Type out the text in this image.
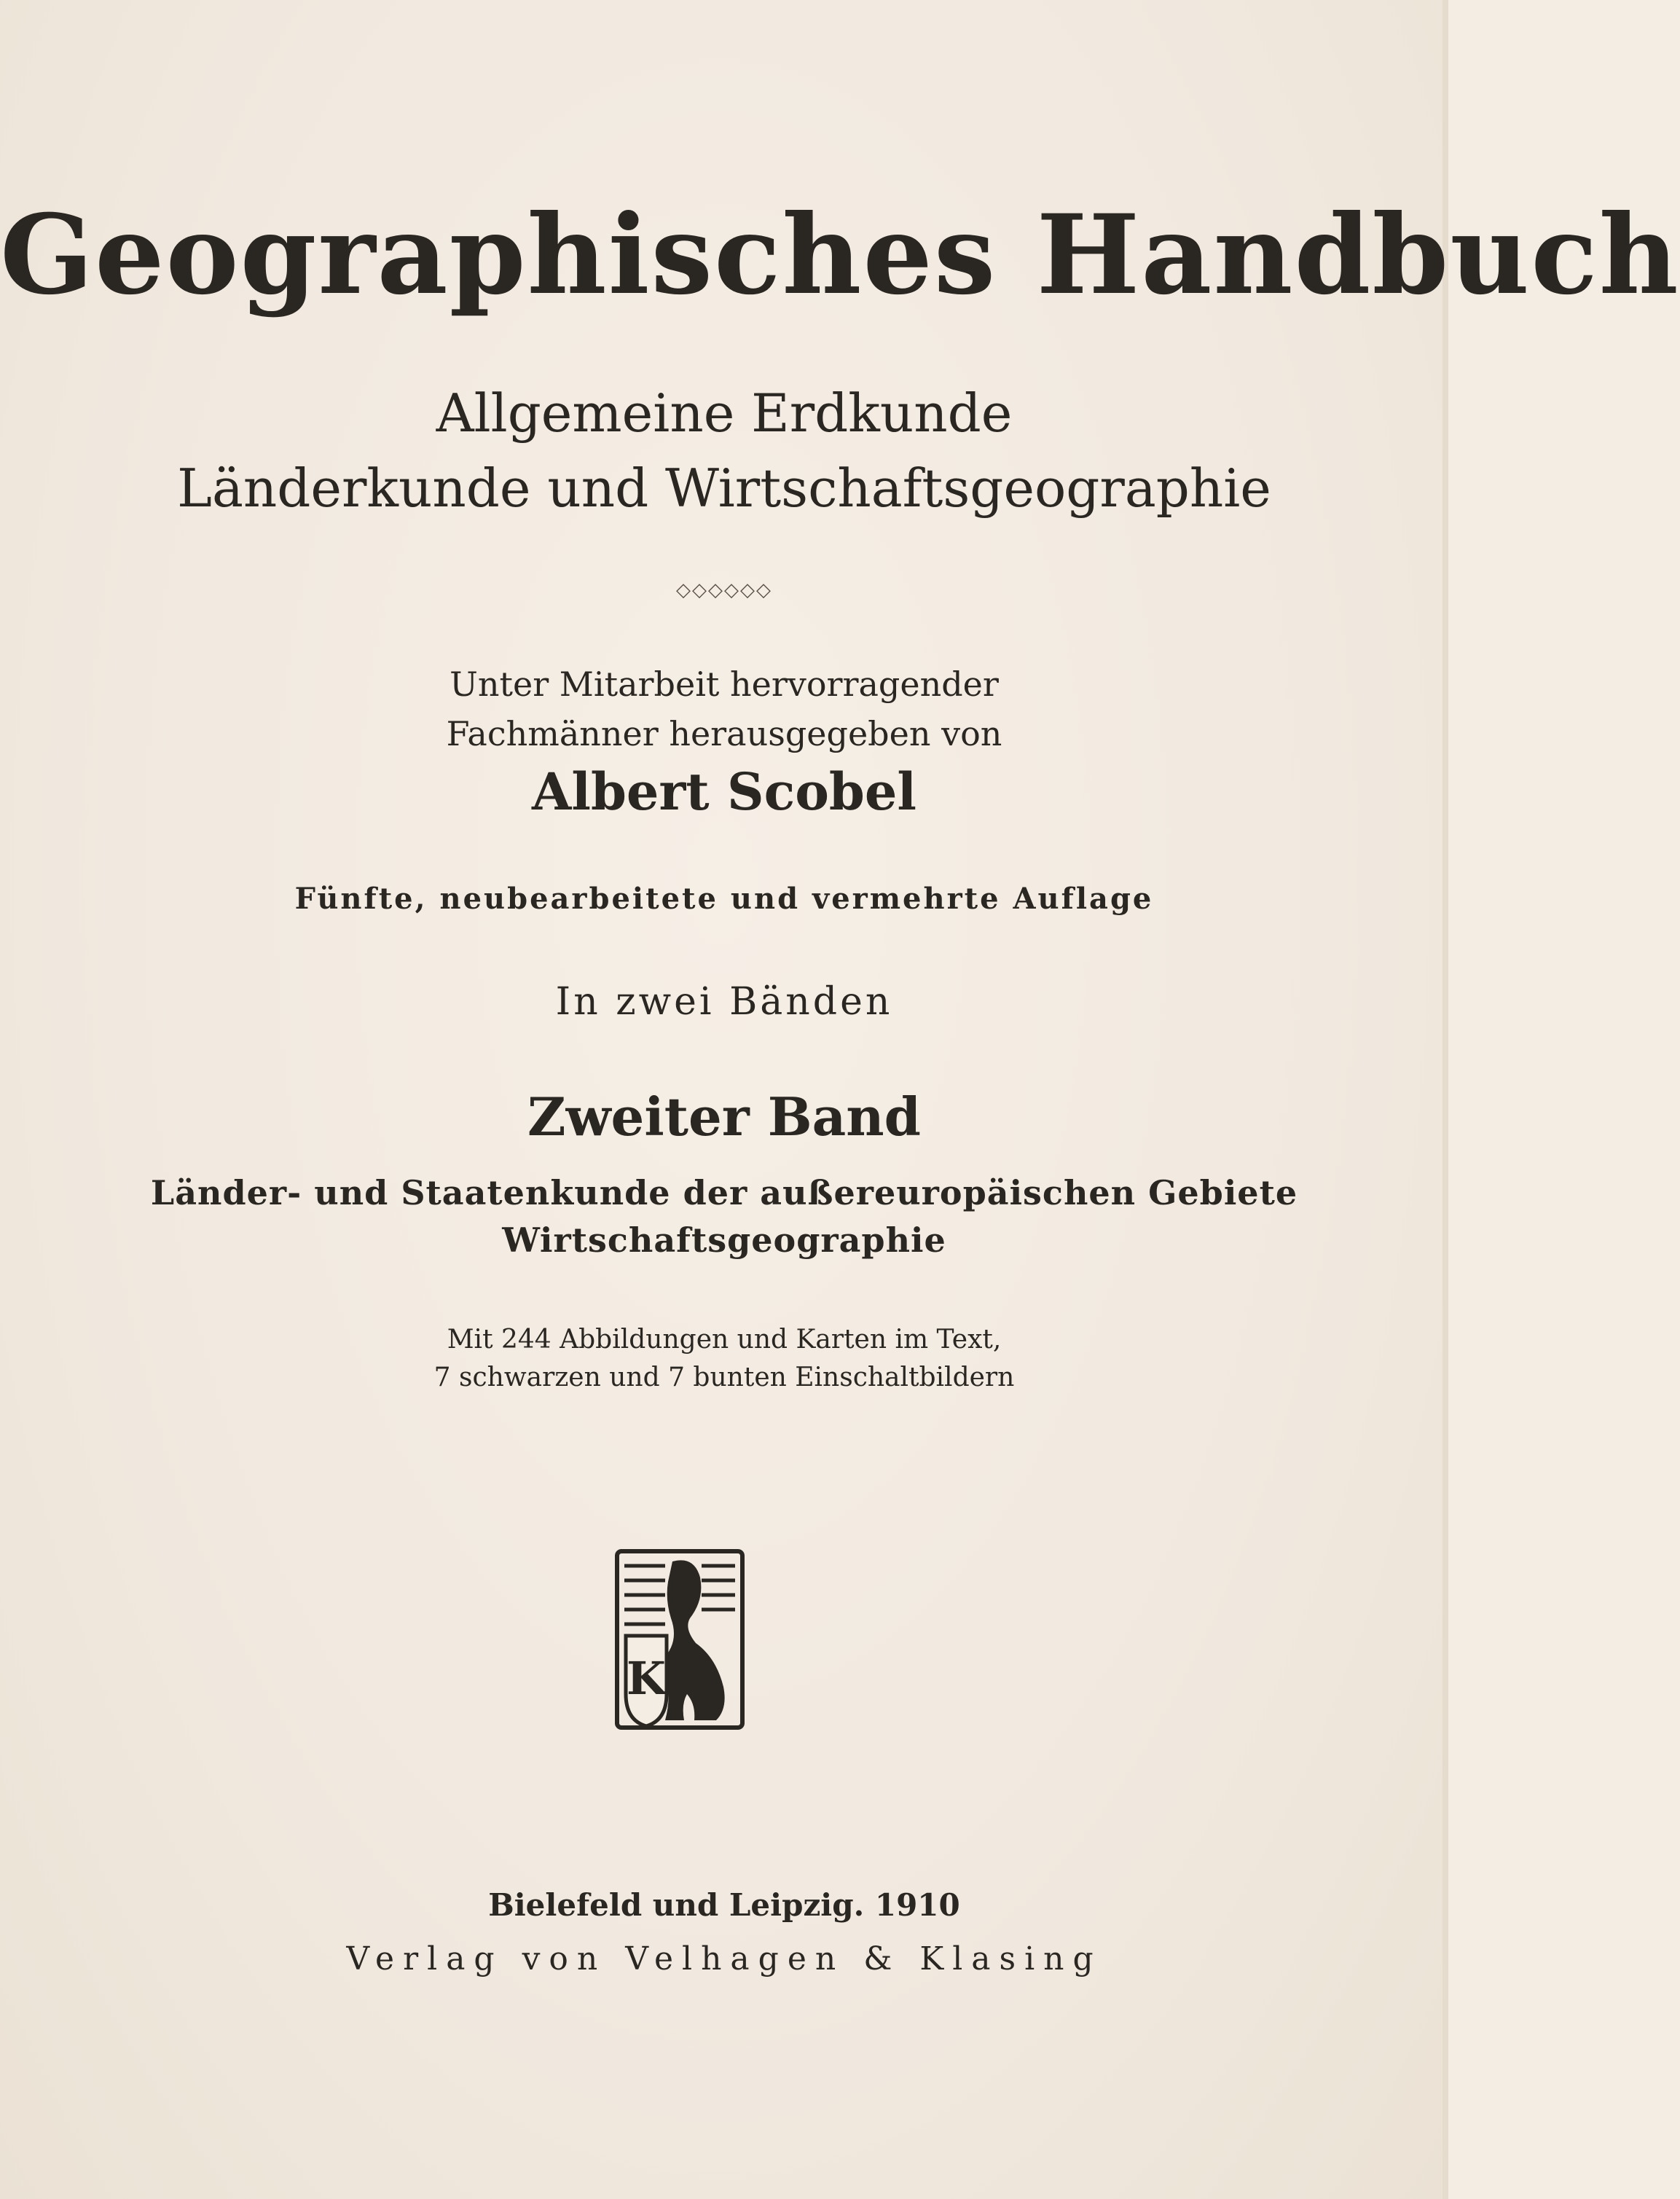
Geographisches Handbuch
Allgemeine Erdkunde
Länderkunde und Wirtschaftsgeographie
◇◇◇◇◇◇
Unter Mitarbeit hervorragender
Fachmänner herausgegeben von
Albert Scobel
Fünfte, neubearbeitete und vermehrte Auflage
In zwei Bänden
Zweiter Band
Länder- und Staatenkunde der außereuropäischen Gebiete
Wirtschaftsgeographie
Mit 244 Abbildungen und Karten im Text,
7 schwarzen und 7 bunten Einschaltbildern
K
Bielefeld und Leipzig. 1910
Verlag von Velhagen & Klasing
